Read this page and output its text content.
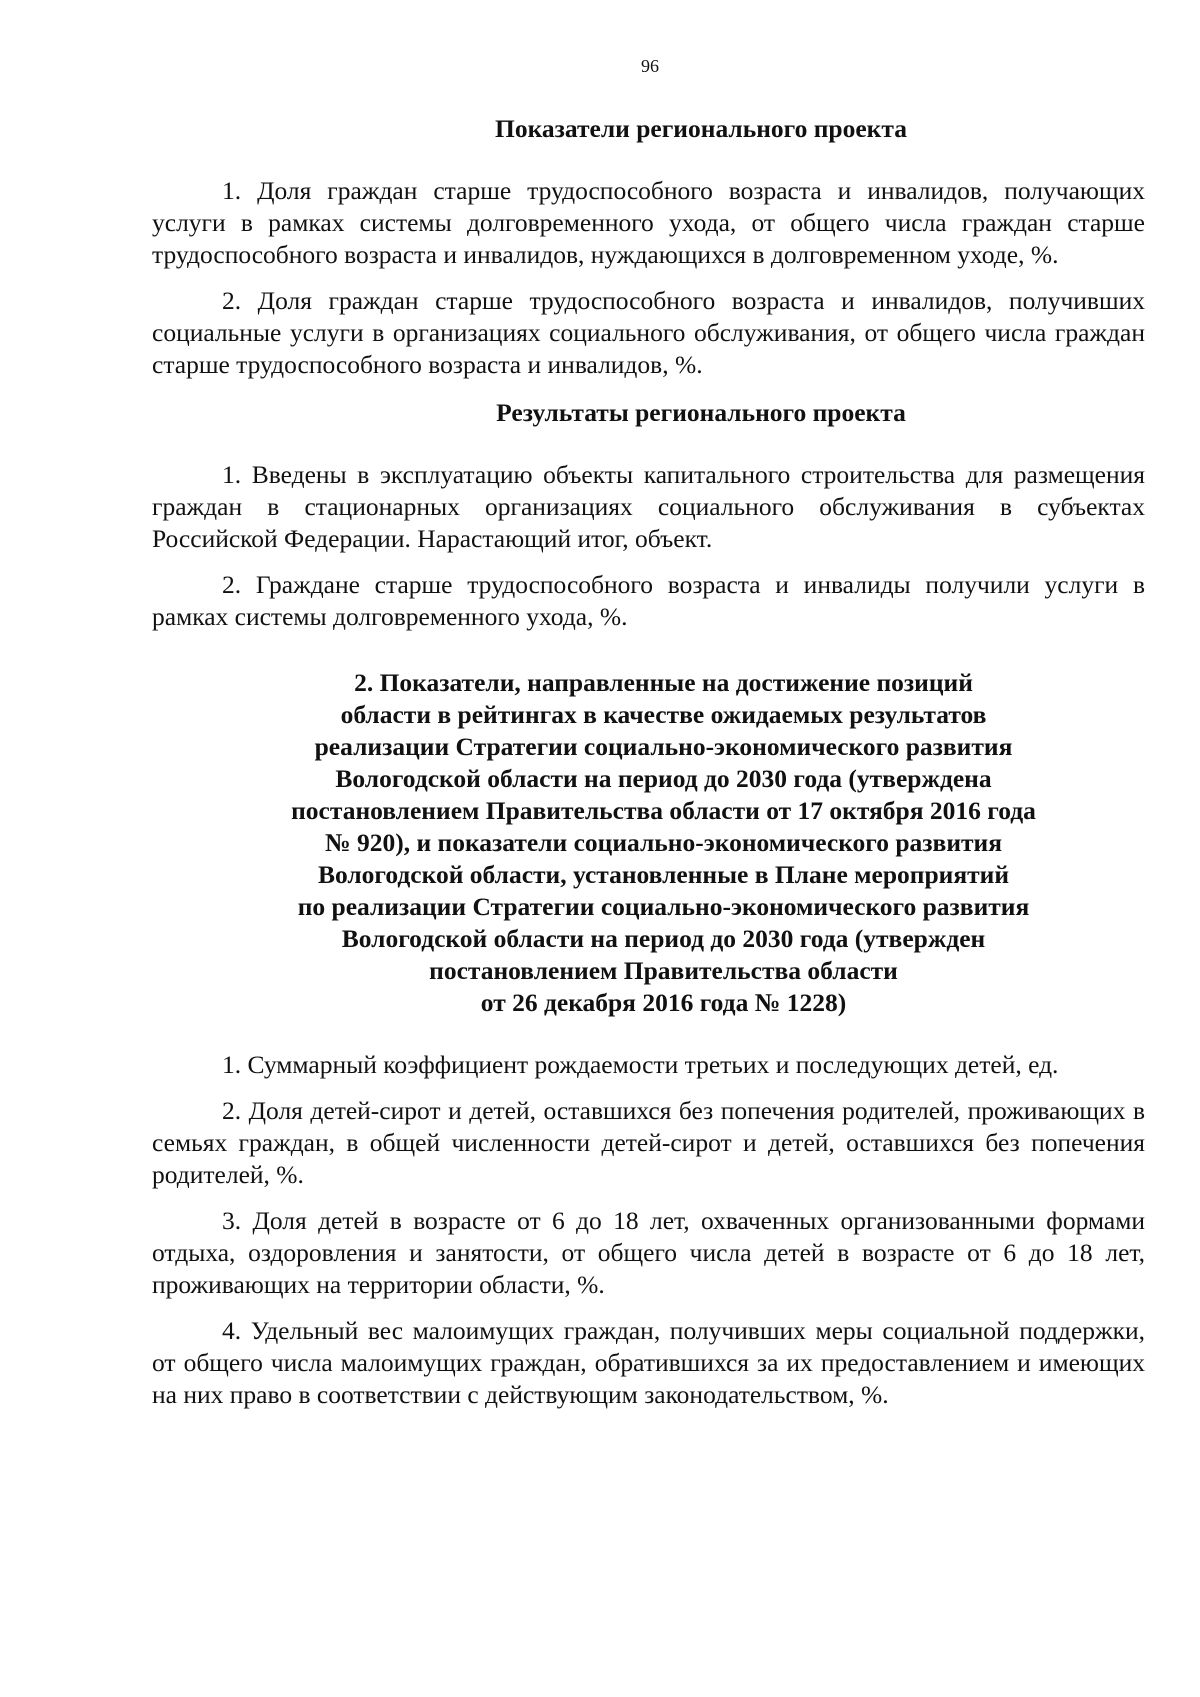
96

Показатели регионального проекта

1. Доля граждан старше трудоспособного возраста и инвалидов, получающих услуги в рамках системы долговременного ухода, от общего числа граждан старше трудоспособного возраста и инвалидов, нуждающихся в долговременном уходе, %.

2. Доля граждан старше трудоспособного возраста и инвалидов, получивших социальные услуги в организациях социального обслуживания, от общего числа граждан старше трудоспособного возраста и инвалидов, %.

Результаты регионального проекта

1. Введены в эксплуатацию объекты капитального строительства для размещения граждан в стационарных организациях социального обслуживания в субъектах Российской Федерации. Нарастающий итог, объект.

2. Граждане старше трудоспособного возраста и инвалиды получили услуги в рамках системы долговременного ухода, %.

2. Показатели, направленные на достижение позиций
области в рейтингах в качестве ожидаемых результатов
реализации Стратегии социально-экономического развития
Вологодской области на период до 2030 года (утверждена
постановлением Правительства области от 17 октября 2016 года
№ 920), и показатели социально-экономического развития
Вологодской области, установленные в Плане мероприятий
по реализации Стратегии социально-экономического развития
Вологодской области на период до 2030 года (утвержден
постановлением Правительства области
от 26 декабря 2016 года № 1228)

1. Суммарный коэффициент рождаемости третьих и последующих детей, ед.

2. Доля детей-сирот и детей, оставшихся без попечения родителей, проживающих в семьях граждан, в общей численности детей-сирот и детей, оставшихся без попечения родителей, %.

3. Доля детей в возрасте от 6 до 18 лет, охваченных организованными формами отдыха, оздоровления и занятости, от общего числа детей в возрасте от 6 до 18 лет, проживающих на территории области, %.

4. Удельный вес малоимущих граждан, получивших меры социальной поддержки, от общего числа малоимущих граждан, обратившихся за их предоставлением и имеющих на них право в соответствии с действующим законодательством, %.
